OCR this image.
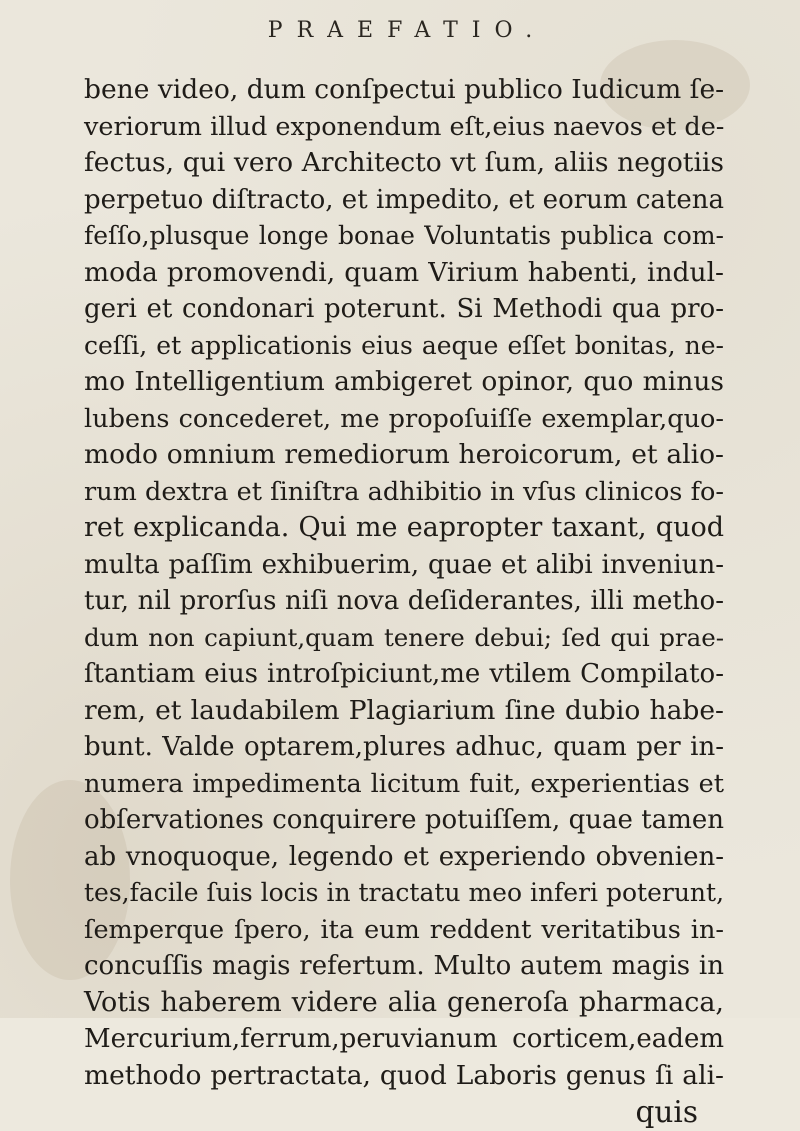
PRAEFATIO.
bene video, dum conſpectui publico Iudicum ſe-
veriorum illud exponendum eſt,eius naevos et de-
fectus, qui vero Architecto vt ſum, aliis negotiis
perpetuo diſtracto, et impedito, et eorum catena
feſſo,plusque longe bonae Voluntatis publica com-
moda promovendi, quam Virium habenti, indul-
geri et condonari poterunt. Si Methodi qua pro-
ceſſi, et applicationis eius aeque eſſet bonitas, ne-
mo Intelligentium ambigeret opinor, quo minus
lubens concederet, me propoſuiſſe exemplar,quo-
modo omnium remediorum heroicorum, et alio-
rum dextra et ſiniſtra adhibitio in vſus clinicos fo-
ret explicanda. Qui me eapropter taxant, quod
multa paſſim exhibuerim, quae et alibi inveniun-
tur, nil prorſus niſi nova deſiderantes, illi metho-
dum non capiunt,quam tenere debui; ſed qui prae-
ſtantiam eius introſpiciunt,me vtilem Compilato-
rem, et laudabilem Plagiarium ſine dubio habe-
bunt. Valde optarem,plures adhuc, quam per in-
numera impedimenta licitum fuit, experientias et
obſervationes conquirere potuiſſem, quae tamen
ab vnoquoque, legendo et experiendo obvenien-
tes,facile ſuis locis in tractatu meo inferi poterunt,
ſemperque ſpero, ita eum reddent veritatibus in-
concuſſis magis refertum. Multo autem magis in
Votis haberem videre alia generoſa pharmaca,
Mercurium,ferrum,peruvianum corticem,eadem
methodo pertractata, quod Laboris genus ſi ali-
quis
